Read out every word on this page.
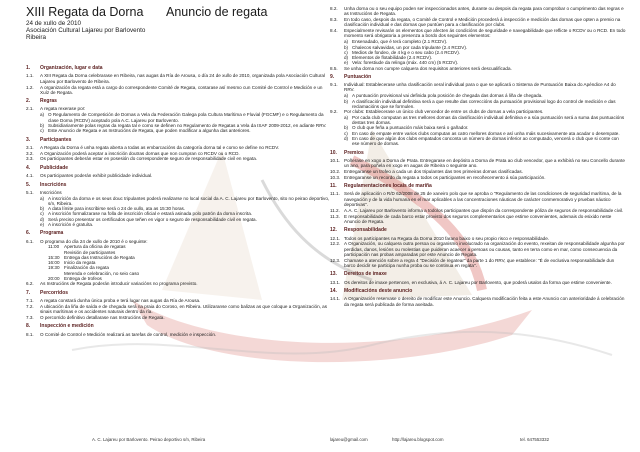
XIII Regata da Dorna Anuncio de regata
24 de xullo de 2010
Asociación Cultural Lajareu por Barlovento
Ribeira
1.	Organización, lugar e data
1.1.	A XIII Regata da Dorna celebrarase en Ribeira, nas augas da Ría de Arousa, o día 24 de xullo de 2010, organizada pola Asociación Cultural Lajareu por Barlovento de Ribeira.
1.2.	A organización da regata está a cargo do correspondente Comité de Regata, contarase así mesmo cun Comité de Control e Medición e un Xuíz de Regata.
2.	Regras
2.1.	A regata rexerase por:
a) O Regulamento de Competición de Dornas a Vela da Federación Galega pola Cultura Marítima e Fluvial (FGCMF) e o Regulamento da clase Dorna (RCDV) aceptado pola A.C. Lajareu por Barlovento.
b) Subsidiariamente polas regras da regata tal e como se definen no Regulamento de Regatas a Vela da ISAF 2009-2012, en adiante RRV.
c) Este Anuncio de Regata e as Instrucións de Regata, que poden modificar a algunha das anteriores.
3.	Participantes
3.1.	A Regata da Dorna é unha regata aberta a todas as embarcacións da categoría dorna tal e como se define no RCDV.
3.2.	A Organización poderá aceptar a inscrición doutras dornas que non cumpran co RCDV ou o RCD.
3.3.	Os participantes deberán estar en posesión do correspondente seguro de responsabilidade civil en regata.
4.	Publicidade
4.1.	Os participantes poderán exhibir publicidade individual.
5.	Inscricións
5.1.	Inscricións
a) A inscrición da dorna e os seus douс tripulantes poderá realizarse no local social da A. C. Lajareu por Barlovento, sito no peirao deportivo, s/n, Ribeira.
b) A data límite para inscribirse será o 24 de xullo, ata as 15:30 horas.
c) A inscrición formalizarase na folla de inscrición oficial e estará asinada polo patrón da dorna inscrita.
d) Será preciso presentar os certificados que teñen en vigor o seguro de responsabilidade civil en regata.
e) A inscrición é gratuíta.
6.	Programa
6.1.	O programa do día 24 de xullo de 2010 é o seguinte:
11:00	Apertura da oficina de regatas
Revisión de participantes
15:30 Entrega das Instrucións de Regata
16:00 Inicio da regata
19:30 Finalización da regata
Merenda e celebración, no seio caso
20:00 Entrega de trofeos
6.2.	As Instrucións de Regata poderán introducir variacións no programa previsto.
7.	Percorridos
7.1.	A regata constará dunha única proba e terá lugar nas augas da Ría de Arousa.
7.2.	A ubicación da liña de saída e de chegada será na praia do Coroso, en Ribeira. Utilizaranse como balizas as que coloque a Organización, as sinais marítimas e os accidentes naturais dentro da ría.
7.3.	O percorrido definitivo detallarase nas Instrucións de Regata.
8.	Inspección e medición
8.1.	O Comité de Control e Medición realizará as tarefas de control, medición e inspección.
8.2.	Unha dorna ou o seu equipo poden ser inspeccionados antes, durante ou despois da regata para comprobar o cumprimento das regras e as Instrucións de Regata.
8.3.	En todo caso, despois da regata, o Comité de Control e Medición procederá á inspección e medición das dornas que opten a premio na clasificación individual e das dornas que puntúen para a clasificación por clubs.
8.4.	Especialmente revisarán os elementos que afecten ás condicións de seguridade e navegabilidade que reflicte o RCDV ou o RCD. En todo momento será obrigatoria a presenza a bordo dos seguintes elementos:
a) Ensenadado, que é terá completo (2.1 RCDV).
b) Chalecos salvavidas, un por cada tripulante (2.4 RCDV).
c) Medios de fondeo, de 4 kg e o seu cabo (2.4 RCDV).
d) Elementos de flotabilidade (2.4 RCDV).
e) Vela: forestiude da relinga (máx. 440 cm) (5 RCDV).
8.5.	Se unha dorna non cumpre calquera dos requisitos anteriores será descualificada.
9.	Puntuación
9.1.	Individual: Establecerase unha clasificación xeral individual para o que se aplicará o Sistema de Puntuación Baixa do Apéndice A4 do RRV.
a) A puntuación provisional vai definida pola posición de chegada das dornas á liña de chegada.
b) A clasificación individual definitiva será a que resulte das correccións da puntuación provisional logo do control de medición e das reclamacións que se formulen.
9.2.	Por clubs: Establecerase un único club vencedor de entre os clubs de dornas a vela participantes.
a) Por cada club computan as tres mellores dornas da clasificación individual definitiva e a súa puntuación será a suma das puntuacións destas tres dornas.
b) O club que feña a puntuación máis baixa será o gañador.
c) En caso de empate entre varios clubs computan as catro mellores dornas e así unha máis sucesivamente ata acadar o desempate.
d) En caso de que algún dos clubs empatados conconta un número de dornas inferior ao computado, vencerá o club que si conte con ese número de dornas.
10.	Premios
10.1. Poñerase en xogo a Dorna de Prata. Entregarase en depósito a Dorna de Prata ao club vencedor, que a exhibirá no seu Concello durante un ano, para poñela en xogo en augas de Ribeira o seguinte ano.
10.2. Entregaranse un trofeo a cada un dos tripulantes das tres primeiras dornas clasificadas.
10.3. Entregaranse un recordo da regata a todos os participantes en recoñecemento á súa participación.
11.	Regulamentaciones locais de mariña
11.1. Será de aplicación o R/D 62/2008 de 25 de xaneiro polo que se aproba o "Regulamento de las condiciones de seguridad marítima, de la navegación y de la vida humana en el mar aplicables a las concentraciones náuticas de carácter conmemorativo y pruebas náutico deportivas".
11.2. A.A. C. Lajareu por Barlovento informa a todolos participantes que dispón da correspondente póliza de seguros de responsabilidade civil.
11.3. E responsabilidade de cada barco estar provisto dos seguros complementarios que estime convenientes, ademais do esixido neste Anuncio de Regata.
12.	Responsabilidade
12.1. Todos os participantes na Regata da Dorna 2010 farano baixo o seu propio risco e responsabilidade.
12.2. A Organización, ou calquera outra persoa ou organismo involucrado na organización do evento, rexeitan de responsabilidade algunha por perdidas, danos, lesións ou molestias que puideran acaecer a persoas ou cousas, tanto en terra como en mar, como consecuencia da participación nas probas amparadas por este Anuncio de Regata.
12.3. Chamase a atención sobre a regra 4 "Decisión de regatear" da parte 1 do RRV, que establece: "É de exclusiva responsabilidade dun barco decidir se participa nunha proba ou se continua en regata".
13.	Dereitos de imaxe
13.1. Os dereitos de imaxe pertencen, en exclusiva, á A. C. Lajareu por Barlovento, que poderá usalos da forma que estime conveniente.
14.	Modificacións deste anuncio
14.1. A Organización reservase o dereito de modificar este Anuncio. Calquera modificación feita a este Anuncio con anterioridade á celebración da regata será publicada de forma axeitada.
A. C. Lajareu por Barlovento. Peirao deportivo s/n, Ribeira	lajareu@gmail.com	http://lajareu.blogspot.com	tel. 647553332
